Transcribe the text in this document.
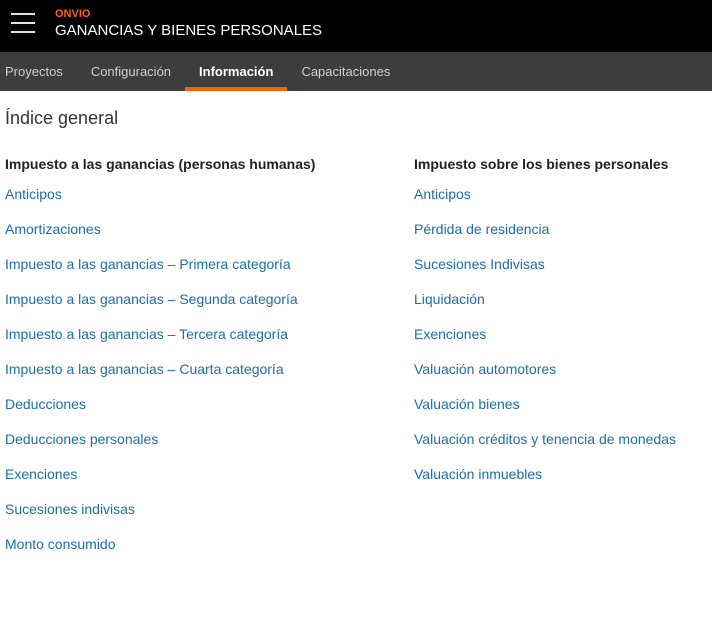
ONVIO
GANANCIAS Y BIENES PERSONALES
Proyectos	Configuración	Información	Capacitaciones
Índice general
Impuesto a las ganancias (personas humanas)
Anticipos
Amortizaciones
Impuesto a las ganancias – Primera categoría
Impuesto a las ganancias – Segunda categoría
Impuesto a las ganancias – Tercera categoría
Impuesto a las ganancias – Cuarta categoría
Deducciones
Deducciones personales
Exenciones
Sucesiones indivisas
Monto consumido
Impuesto sobre los bienes personales
Anticipos
Pérdida de residencia
Sucesiones Indivisas
Liquidación
Exenciones
Valuación automotores
Valuación bienes
Valuación créditos y tenencia de monedas
Valuación inmuebles
